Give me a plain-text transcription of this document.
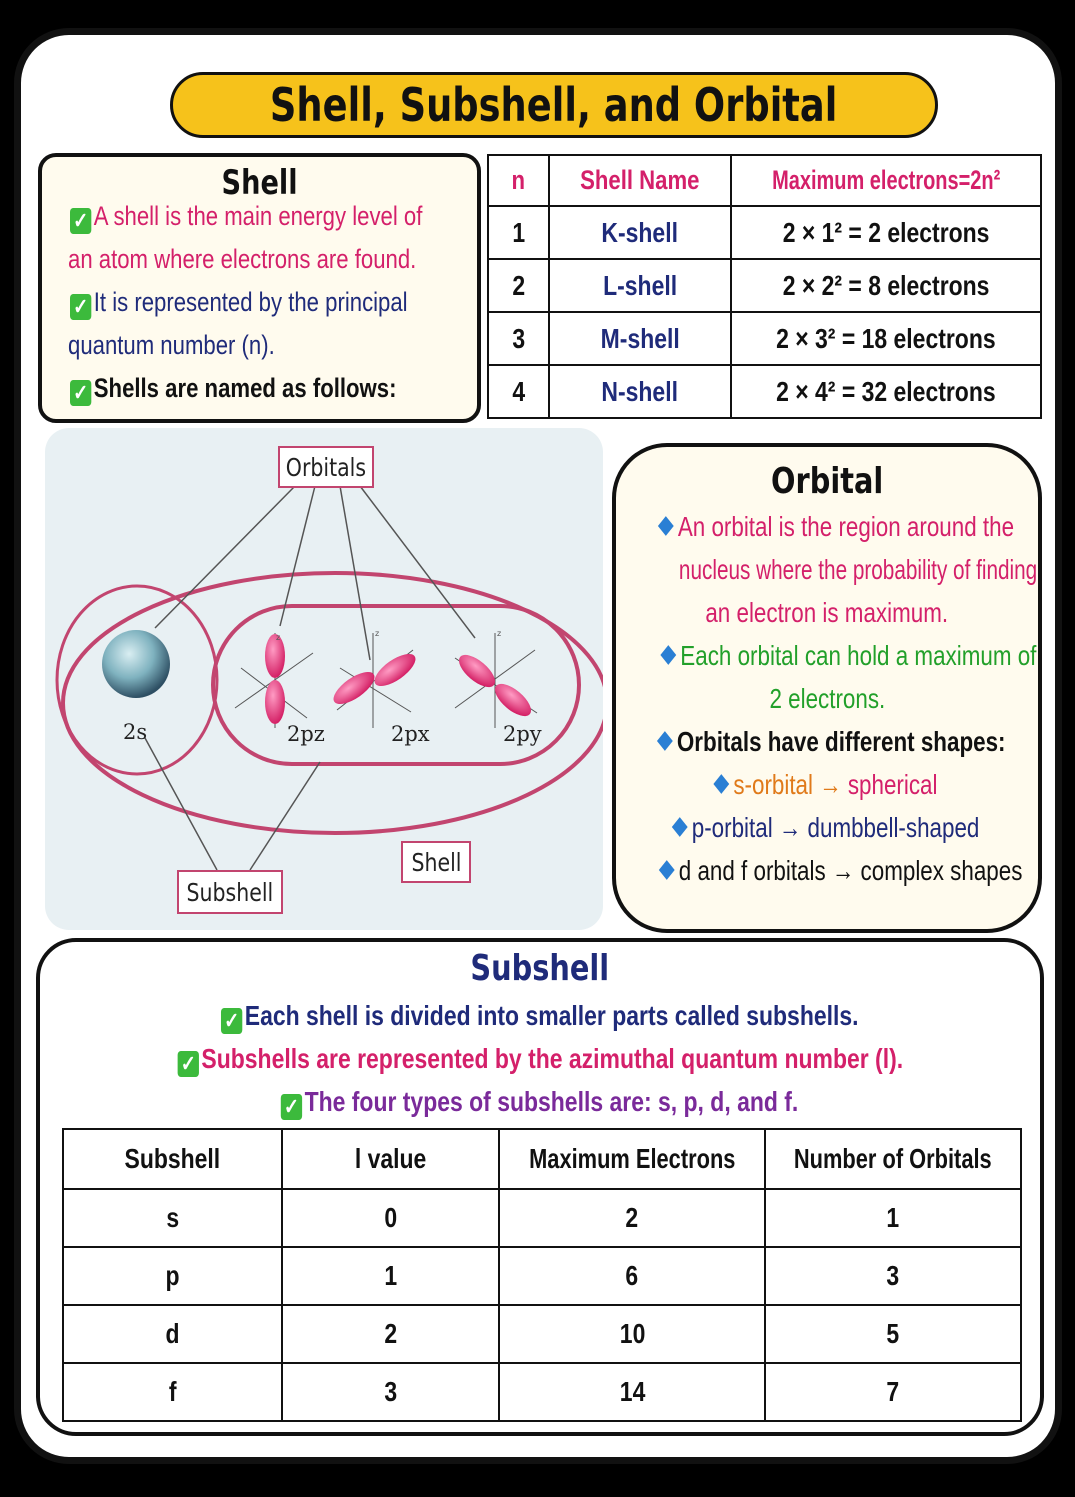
Shell, Subshell, and Orbital
Shell
✓ A shell is the main energy level of
an atom where electrons are found.
✓ It is represented by the principal
quantum number (n).
✓ Shells are named as follows:
n	Shell Name	Maximum electrons=2n²
1	K-shell	2 × 1² = 2 electrons
2	L-shell	2 × 2² = 8 electrons
3	M-shell	2 × 3² = 18 electrons
4	N-shell	2 × 4² = 32 electrons
z	z	z
Orbitals
Subshell
Shell
2s	2pz	2px	2py
Orbital
An orbital is the region around the
nucleus where the probability of finding
an electron is maximum.
Each orbital can hold a maximum of
2 electrons.
Orbitals have different shapes:
s-orbital → spherical
p-orbital → dumbbell-shaped
d and f orbitals → complex shapes
Subshell
✓ Each shell is divided into smaller parts called subshells.
✓ Subshells are represented by the azimuthal quantum number (l).
✓ The four types of subshells are: s, p, d, and f.
Subshell	l value	Maximum Electrons	Number of Orbitals
s	0	2	1
p	1	6	3
d	2	10	5
f	3	14	7
